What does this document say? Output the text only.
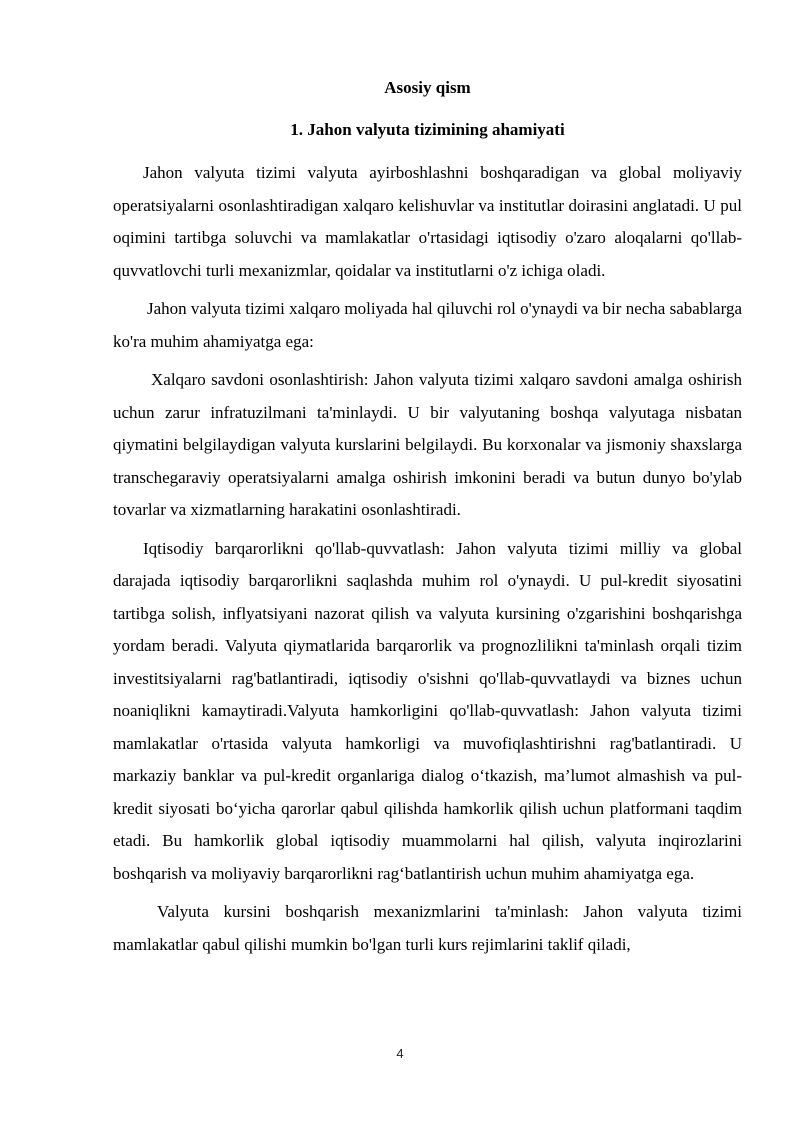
Asosiy qism
1. Jahon valyuta tizimining ahamiyati

Jahon valyuta tizimi valyuta ayirboshlashni boshqaradigan va global moliyaviy operatsiyalarni osonlashtiradigan xalqaro kelishuvlar va institutlar doirasini anglatadi. U pul oqimini tartibga soluvchi va mamlakatlar o'rtasidagi iqtisodiy o'zaro aloqalarni qo'llab-quvvatlovchi turli mexanizmlar, qoidalar va institutlarni o'z ichiga oladi.

Jahon valyuta tizimi xalqaro moliyada hal qiluvchi rol o'ynaydi va bir necha sabablarga ko'ra muhim ahamiyatga ega:

Xalqaro savdoni osonlashtirish: Jahon valyuta tizimi xalqaro savdoni amalga oshirish uchun zarur infratuzilmani ta'minlaydi. U bir valyutaning boshqa valyutaga nisbatan qiymatini belgilaydigan valyuta kurslarini belgilaydi. Bu korxonalar va jismoniy shaxslarga transchegaraviy operatsiyalarni amalga oshirish imkonini beradi va butun dunyo bo'ylab tovarlar va xizmatlarning harakatini osonlashtiradi.

Iqtisodiy barqarorlikni qo'llab-quvvatlash: Jahon valyuta tizimi milliy va global darajada iqtisodiy barqarorlikni saqlashda muhim rol o'ynaydi. U pul-kredit siyosatini tartibga solish, inflyatsiyani nazorat qilish va valyuta kursining o'zgarishini boshqarishga yordam beradi. Valyuta qiymatlarida barqarorlik va prognozlilikni ta'minlash orqali tizim investitsiyalarni rag'batlantiradi, iqtisodiy o'sishni qo'llab-quvvatlaydi va biznes uchun noaniqlikni kamaytiradi.Valyuta hamkorligini qo'llab-quvvatlash: Jahon valyuta tizimi mamlakatlar o'rtasida valyuta hamkorligi va muvofiqlashtirishni rag'batlantiradi. U markaziy banklar va pul-kredit organlariga dialog o‘tkazish, ma’lumot almashish va pul-kredit siyosati bo‘yicha qarorlar qabul qilishda hamkorlik qilish uchun platformani taqdim etadi. Bu hamkorlik global iqtisodiy muammolarni hal qilish, valyuta inqirozlarini boshqarish va moliyaviy barqarorlikni rag‘batlantirish uchun muhim ahamiyatga ega.

Valyuta kursini boshqarish mexanizmlarini ta'minlash: Jahon valyuta tizimi mamlakatlar qabul qilishi mumkin bo'lgan turli kurs rejimlarini taklif qiladi,

4
